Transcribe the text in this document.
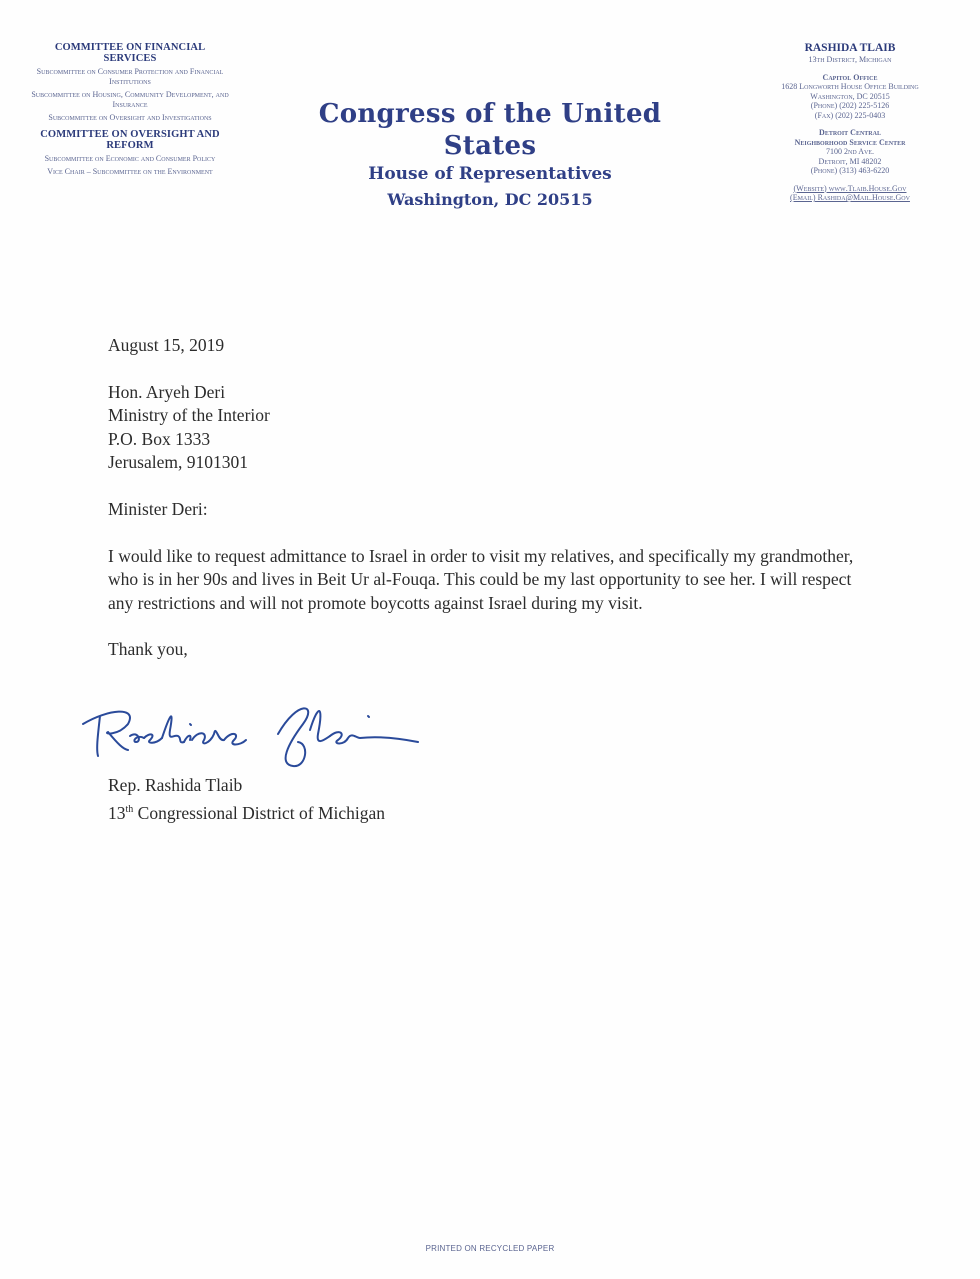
COMMITTEE ON FINANCIAL SERVICES
Subcommittee on Consumer Protection and Financial Institutions
Subcommittee on Housing, Community Development, and Insurance
Subcommittee on Oversight and Investigations
COMMITTEE ON OVERSIGHT AND REFORM
Subcommittee on Economic and Consumer Policy
Vice Chair – Subcommittee on the Environment
Congress of the United States
House of Representatives
Washington, DC 20515
RASHIDA TLAIB
13th District, Michigan
Capitol Office
1628 Longworth House Office Building
Washington, DC 20515
(Phone) (202) 225-5126
(Fax) (202) 225-0403
Detroit Central
Neighborhood Service Center
7100 2nd Ave.
Detroit, MI 48202
(Phone) (313) 463-6220
(Website) www.Tlaib.House.Gov
(Email) Rashida@Mail.House.Gov

August 15, 2019

Hon. Aryeh Deri

Ministry of the Interior

P.O. Box 1333

Jerusalem, 9101301

Minister Deri:

I would like to request admittance to Israel in order to visit my relatives, and specifically my grandmother, who is in her 90s and lives in Beit Ur al-Fouqa. This could be my last opportunity to see her. I will respect any restrictions and will not promote boycotts against Israel during my visit.

Thank you,

Rep. Rashida Tlaib
13th Congressional District of Michigan
PRINTED ON RECYCLED PAPER
